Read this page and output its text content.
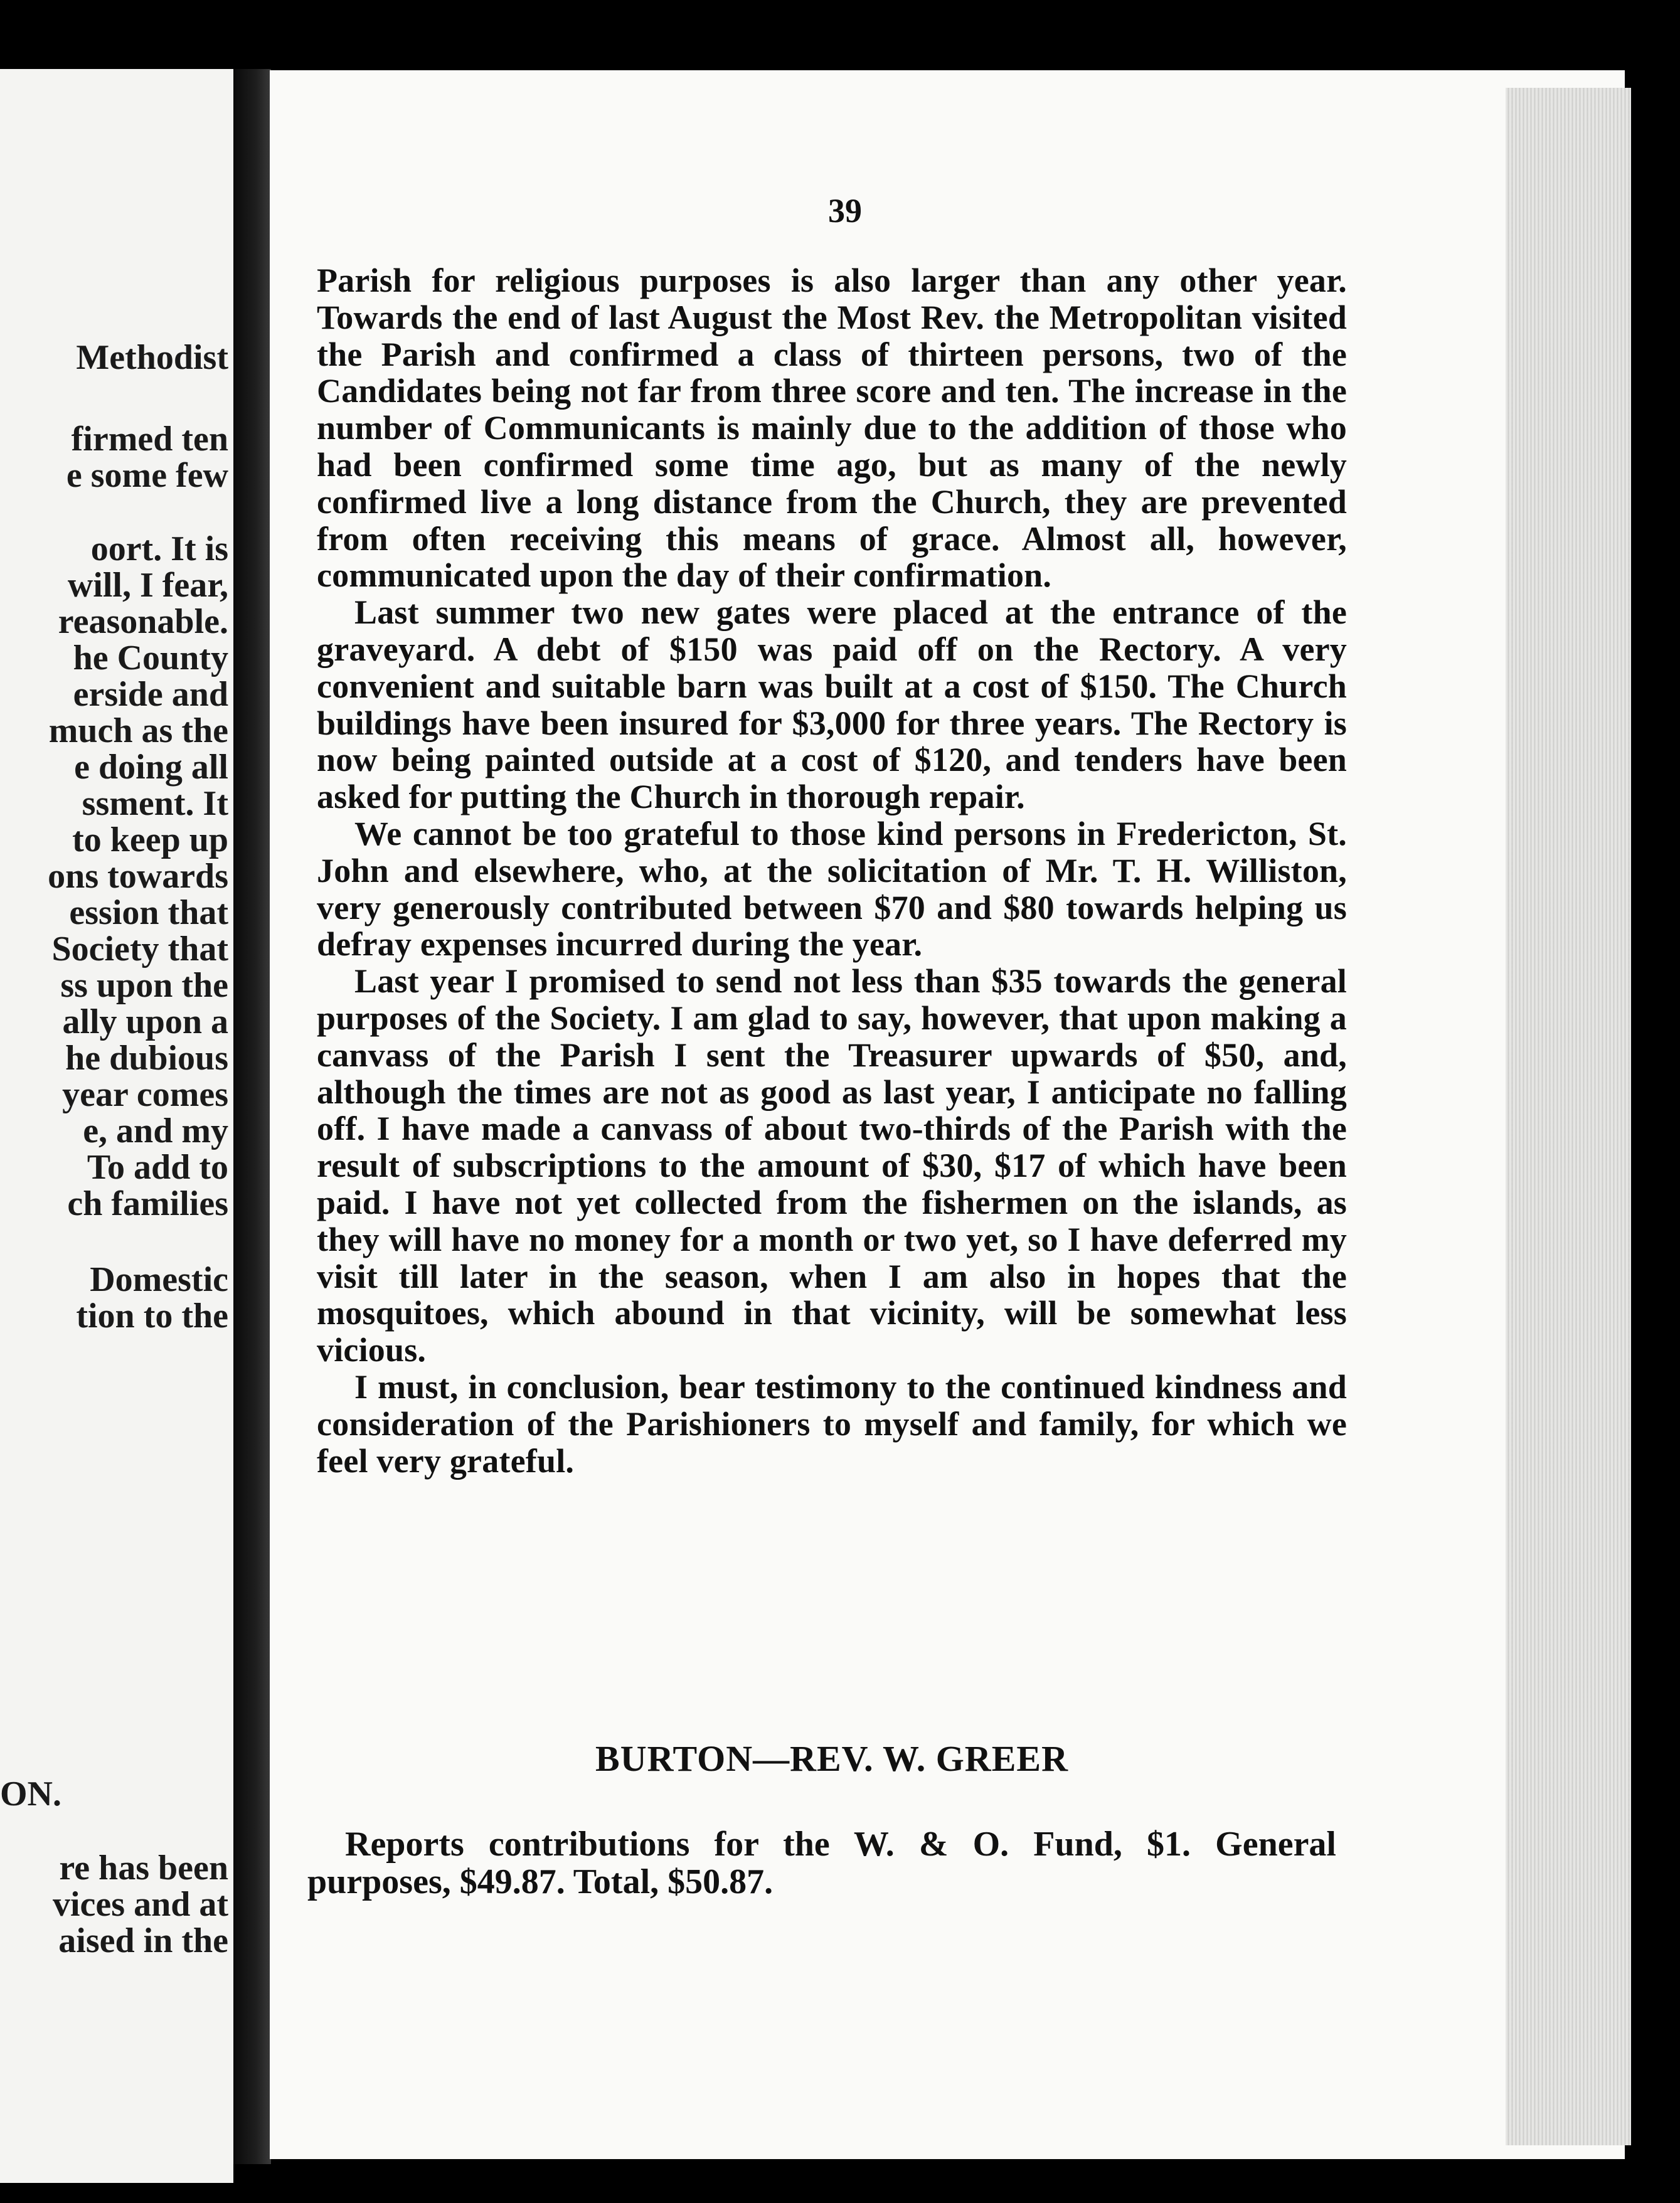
Methodist
firmed ten
e some few
oort. It is
will, I fear,
reasonable.
he County
erside and
much as the
e doing all
ssment. It
to keep up
ons towards
ession that
Society that
ss upon the
ally upon a
he dubious
year comes
e, and my
To add to
ch families
Domestic
tion to the
ON.
re has been
vices and at
aised in the
39

Parish for religious purposes is also larger than any other year. Towards the end of last August the Most Rev. the Metropolitan visited the Parish and confirmed a class of thirteen persons, two of the Candidates being not far from three score and ten. The increase in the number of Communicants is mainly due to the addition of those who had been confirmed some time ago, but as many of the newly confirmed live a long distance from the Church, they are prevented from often receiving this means of grace. Almost all, however, communicated upon the day of their confirmation.

Last summer two new gates were placed at the entrance of the graveyard. A debt of $150 was paid off on the Rectory. A very convenient and suitable barn was built at a cost of $150. The Church buildings have been insured for $3,000 for three years. The Rectory is now being painted outside at a cost of $120, and tenders have been asked for putting the Church in thorough repair.

We cannot be too grateful to those kind persons in Fredericton, St. John and elsewhere, who, at the solicitation of Mr. T. H. Williston, very generously contributed between $70 and $80 towards helping us defray expenses incurred during the year.

Last year I promised to send not less than $35 towards the general purposes of the Society. I am glad to say, however, that upon making a canvass of the Parish I sent the Treasurer upwards of $50, and, although the times are not as good as last year, I anticipate no falling off. I have made a canvass of about two-thirds of the Parish with the result of subscriptions to the amount of $30, $17 of which have been paid. I have not yet collected from the fishermen on the islands, as they will have no money for a month or two yet, so I have deferred my visit till later in the season, when I am also in hopes that the mosquitoes, which abound in that vicinity, will be somewhat less vicious.

I must, in conclusion, bear testimony to the continued kindness and consideration of the Parishioners to myself and family, for which we feel very grateful.

BURTON—REV. W. GREER

Reports contributions for the W. & O. Fund, $1. General purposes, $49.87. Total, $50.87.
